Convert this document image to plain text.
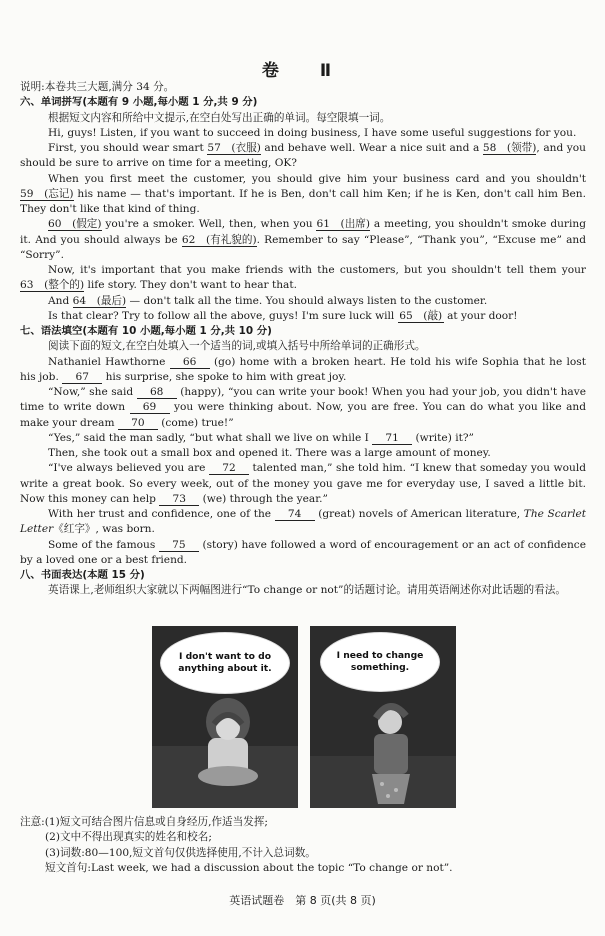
卷　Ⅱ

说明:本卷共三大题,满分 34 分。

六、单词拼写(本题有 9 小题,每小题 1 分,共 9 分)

根据短文内容和所给中文提示,在空白处写出正确的单词。每空限填一词。

Hi, guys! Listen, if you want to succeed in doing business, I have some useful suggestions for you.

First, you should wear smart 57　(衣服) and behave well. Wear a nice suit and a 58　(领带), and you should be sure to arrive on time for a meeting, OK?

When you first meet the customer, you should give him your business card and you shouldn't 59　(忘记) his name — that's important. If he is Ben, don't call him Ken; if he is Ken, don't call him Ben. They don't like that kind of thing.

60　(假定) you're a smoker. Well, then, when you 61　(出席) a meeting, you shouldn't smoke during it. And you should always be 62　(有礼貌的). Remember to say “Please”, “Thank you”, “Excuse me” and “Sorry”.

Now, it's important that you make friends with the customers, but you shouldn't tell them your 63　(整个的) life story. They don't want to hear that.

And 64　(最后) — don't talk all the time. You should always listen to the customer.

Is that clear? Try to follow all the above, guys! I'm sure luck will 65　(敲) at your door!

七、语法填空(本题有 10 小题,每小题 1 分,共 10 分)

阅读下面的短文,在空白处填入一个适当的词,或填入括号中所给单词的正确形式。

Nathaniel Hawthorne 66 (go) home with a broken heart. He told his wife Sophia that he lost his job. 67 his surprise, she spoke to him with great joy.

“Now,” she said 68 (happy), “you can write your book! When you had your job, you didn't have time to write down 69 you were thinking about. Now, you are free. You can do what you like and make your dream 70 (come) true!”

“Yes,” said the man sadly, “but what shall we live on while I 71 (write) it?”

Then, she took out a small box and opened it. There was a large amount of money.

“I've always believed you are 72 talented man,” she told him. “I knew that someday you would write a great book. So every week, out of the money you gave me for everyday use, I saved a little bit. Now this money can help 73 (we) through the year.”

With her trust and confidence, one of the 74 (great) novels of American literature, The Scarlet Letter《红字》, was born.

Some of the famous 75 (story) have followed a word of encouragement or an act of confidence by a loved one or a best friend.

八、书面表达(本题 15 分)

英语课上,老师组织大家就以下两幅图进行“To change or not”的话题讨论。请用英语阐述你对此话题的看法。

I don't want to do anything about it.
I need to change something.

注意:(1)短文可结合图片信息或自身经历,作适当发挥;

(2)文中不得出现真实的姓名和校名;

(3)词数:80—100,短文首句仅供选择使用,不计入总词数。

短文首句:Last week, we had a discussion about the topic “To change or not”.

英语试题卷　第 8 页(共 8 页)
